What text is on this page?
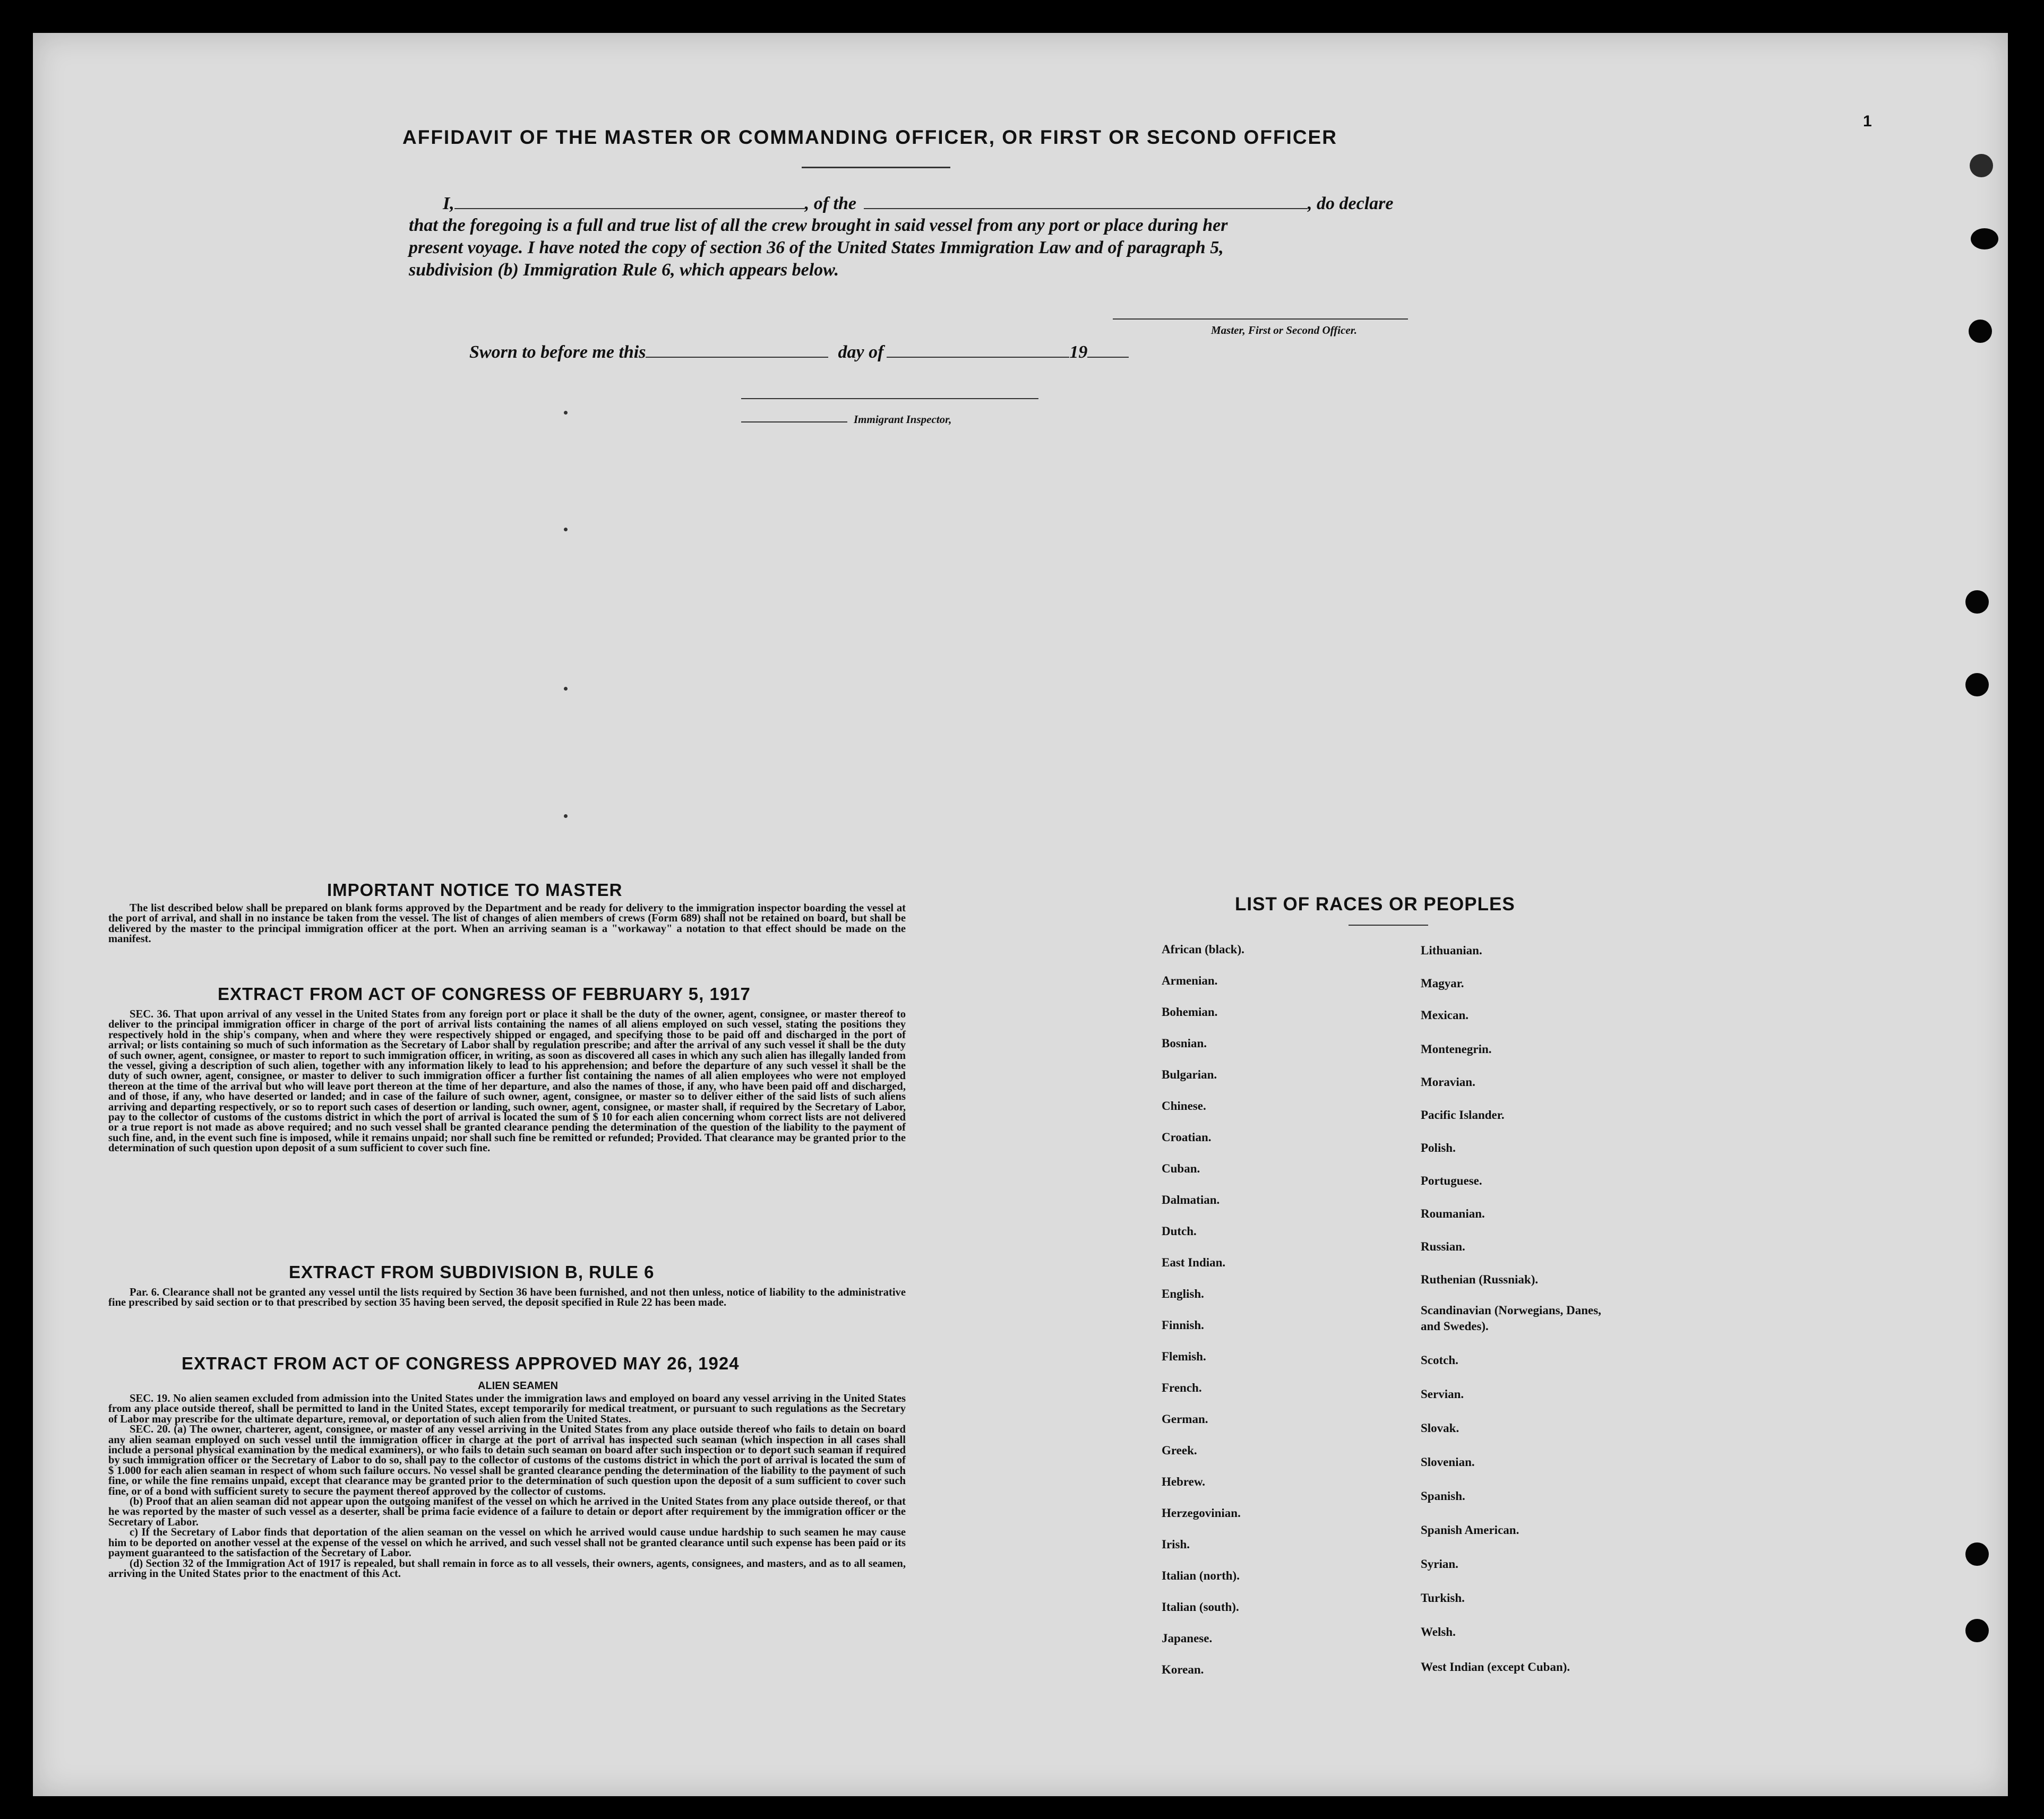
1
AFFIDAVIT OF THE MASTER OR COMMANDING OFFICER, OR FIRST OR SECOND OFFICER
I,	, of the	, do declare
that the foregoing is a full and true list of all the crew brought in said vessel from any port or place during her
present voyage. I have noted the copy of section 36 of the United States Immigration Law and of paragraph 5,
subdivision (b) Immigration Rule 6, which appears below.
Master, First or Second Officer.
Sworn to before me this	day of	19
Immigrant Inspector,
IMPORTANT NOTICE TO MASTER

The list described below shall be prepared on blank forms approved by the Department and be ready for delivery to the immigration inspector boarding the vessel at the port of arrival, and shall in no instance be taken from the vessel. The list of changes of alien members of crews (Form 689) shall not be retained on board, but shall be delivered by the master to the principal immigration officer at the port. When an arriving seaman is a "workaway" a notation to that effect should be made on the manifest.

EXTRACT FROM ACT OF CONGRESS OF FEBRUARY 5, 1917

SEC. 36. That upon arrival of any vessel in the United States from any foreign port or place it shall be the duty of the owner, agent, consignee, or master thereof to deliver to the principal immigration officer in charge of the port of arrival lists containing the names of all aliens employed on such vessel, stating the positions they respectively hold in the ship's company, when and where they were respectively shipped or engaged, and specifying those to be paid off and discharged in the port of arrival; or lists containing so much of such information as the Secretary of Labor shall by regulation prescribe; and after the arrival of any such vessel it shall be the duty of such owner, agent, consignee, or master to report to such immigration officer, in writing, as soon as discovered all cases in which any such alien has illegally landed from the vessel, giving a description of such alien, together with any information likely to lead to his apprehension; and before the departure of any such vessel it shall be the duty of such owner, agent, consignee, or master to deliver to such immigration officer a further list containing the names of all alien employees who were not employed thereon at the time of the arrival but who will leave port thereon at the time of her departure, and also the names of those, if any, who have been paid off and discharged, and of those, if any, who have deserted or landed; and in case of the failure of such owner, agent, consignee, or master so to deliver either of the said lists of such aliens arriving and departing respectively, or so to report such cases of desertion or landing, such owner, agent, consignee, or master shall, if required by the Secretary of Labor, pay to the collector of customs of the customs district in which the port of arrival is located the sum of $ 10 for each alien concerning whom correct lists are not delivered or a true report is not made as above required; and no such vessel shall be granted clearance pending the determination of the question of the liability to the payment of such fine, and, in the event such fine is imposed, while it remains unpaid; nor shall such fine be remitted or refunded; Provided. That clearance may be granted prior to the determination of such question upon deposit of a sum sufficient to cover such fine.

EXTRACT FROM SUBDIVISION B, RULE 6

Par. 6. Clearance shall not be granted any vessel until the lists required by Section 36 have been furnished, and not then unless, notice of liability to the administrative fine prescribed by said section or to that prescribed by section 35 having been served, the deposit specified in Rule 22 has been made.

EXTRACT FROM ACT OF CONGRESS APPROVED MAY 26, 1924
ALIEN SEAMEN

SEC. 19. No alien seamen excluded from admission into the United States under the immigration laws and employed on board any vessel arriving in the United States from any place outside thereof, shall be permitted to land in the United States, except temporarily for medical treatment, or pursuant to such regulations as the Secretary of Labor may prescribe for the ultimate departure, removal, or deportation of such alien from the United States.

SEC. 20. (a) The owner, charterer, agent, consignee, or master of any vessel arriving in the United States from any place outside thereof who fails to detain on board any alien seaman employed on such vessel until the immigration officer in charge at the port of arrival has inspected such seaman (which inspection in all cases shall include a personal physical examination by the medical examiners), or who fails to detain such seaman on board after such inspection or to deport such seaman if required by such immigration officer or the Secretary of Labor to do so, shall pay to the collector of customs of the customs district in which the port of arrival is located the sum of $ 1.000 for each alien seaman in respect of whom such failure occurs. No vessel shall be granted clearance pending the determination of the liability to the payment of such fine, or while the fine remains unpaid, except that clearance may be granted prior to the determination of such question upon the deposit of a sum sufficient to cover such fine, or of a bond with sufficient surety to secure the payment thereof approved by the collector of customs.

(b) Proof that an alien seaman did not appear upon the outgoing manifest of the vessel on which he arrived in the United States from any place outside thereof, or that he was reported by the master of such vessel as a deserter, shall be prima facie evidence of a failure to detain or deport after requirement by the immigration officer or the Secretary of Labor.

c) If the Secretary of Labor finds that deportation of the alien seaman on the vessel on which he arrived would cause undue hardship to such seamen he may cause him to be deported on another vessel at the expense of the vessel on which he arrived, and such vessel shall not be granted clearance until such expense has been paid or its payment guaranteed to the satisfaction of the Secretary of Labor.

(d) Section 32 of the Immigration Act of 1917 is repealed, but shall remain in force as to all vessels, their owners, agents, consignees, and masters, and as to all seamen, arriving in the United States prior to the enactment of this Act.

LIST OF RACES OR PEOPLES
African (black).
Armenian.
Bohemian.
Bosnian.
Bulgarian.
Chinese.
Croatian.
Cuban.
Dalmatian.
Dutch.
East Indian.
English.
Finnish.
Flemish.
French.
German.
Greek.
Hebrew.
Herzegovinian.
Irish.
Italian (north).
Italian (south).
Japanese.
Korean.
Lithuanian.
Magyar.
Mexican.
Montenegrin.
Moravian.
Pacific Islander.
Polish.
Portuguese.
Roumanian.
Russian.
Ruthenian (Russniak).
Scandinavian (Norwegians, Danes, and Swedes).
Scotch.
Servian.
Slovak.
Slovenian.
Spanish.
Spanish American.
Syrian.
Turkish.
Welsh.
West Indian (except Cuban).
